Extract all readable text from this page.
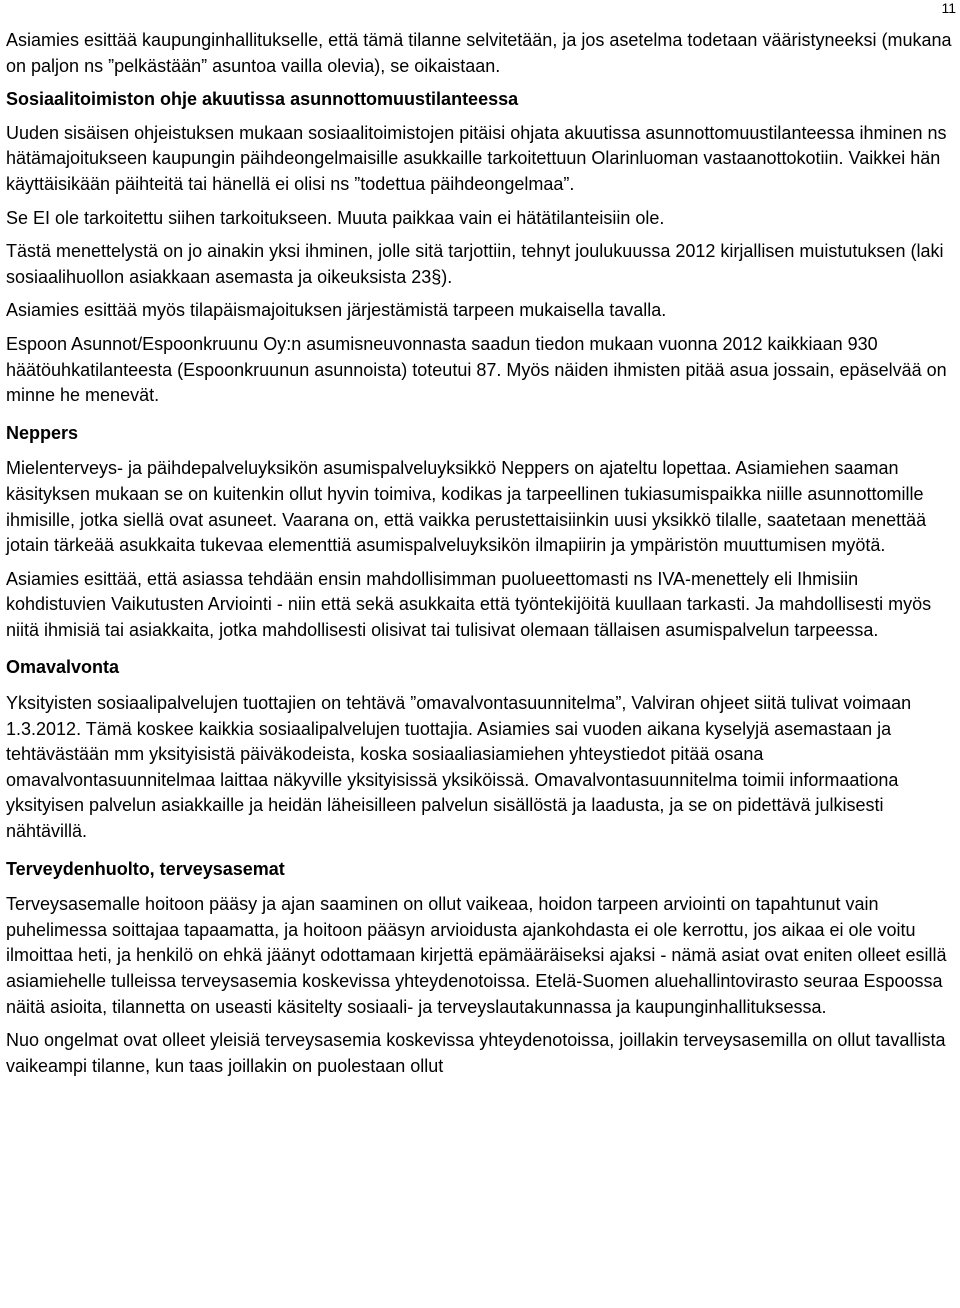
11

Asiamies esittää kaupunginhallitukselle, että tämä tilanne selvitetään, ja jos asetelma todetaan vääristyneeksi (mukana on paljon ns ”pelkästään” asuntoa vailla olevia), se oikaistaan.

Sosiaalitoimiston ohje akuutissa asunnottomuustilanteessa

Uuden sisäisen ohjeistuksen mukaan sosiaalitoimistojen pitäisi ohjata akuutissa asunnottomuustilanteessa ihminen ns hätämajoitukseen kaupungin päihdeongelmaisille asukkaille tarkoitettuun Olarinluoman vastaanottokotiin. Vaikkei hän käyttäisikään päihteitä tai hänellä ei olisi ns ”todettua päihdeongelmaa”.

Se EI ole tarkoitettu siihen tarkoitukseen. Muuta paikkaa vain ei hätätilanteisiin ole.

Tästä menettelystä on jo ainakin yksi ihminen, jolle sitä tarjottiin, tehnyt joulukuussa 2012 kirjallisen muistutuksen (laki sosiaalihuollon asiakkaan asemasta ja oikeuksista 23§).

Asiamies esittää myös tilapäismajoituksen järjestämistä tarpeen mukaisella tavalla.

Espoon Asunnot/Espoonkruunu Oy:n asumisneuvonnasta saadun tiedon mukaan vuonna 2012 kaikkiaan 930 häätöuhkatilanteesta (Espoonkruunun asunnoista) toteutui 87. Myös näiden ihmisten pitää asua jossain, epäselvää on minne he menevät.

Neppers

Mielenterveys- ja päihdepalveluyksikön asumispalveluyksikkö Neppers on ajateltu lopettaa. Asiamiehen saaman käsityksen mukaan se on kuitenkin ollut hyvin toimiva, kodikas ja tarpeellinen tukiasumispaikka niille asunnottomille ihmisille, jotka siellä ovat asuneet. Vaarana on, että vaikka perustettaisiinkin uusi yksikkö tilalle, saatetaan menettää jotain tärkeää asukkaita tukevaa elementtiä asumispalveluyksikön ilmapiirin ja ympäristön muuttumisen myötä.

Asiamies esittää, että asiassa tehdään ensin mahdollisimman puolueettomasti ns IVA-menettely eli Ihmisiin kohdistuvien Vaikutusten Arviointi - niin että sekä asukkaita että työntekijöitä kuullaan tarkasti. Ja mahdollisesti myös niitä ihmisiä tai asiakkaita, jotka mahdollisesti olisivat tai tulisivat olemaan tällaisen asumispalvelun tarpeessa.

Omavalvonta

Yksityisten sosiaalipalvelujen tuottajien on tehtävä ”omavalvontasuunnitelma”, Valviran ohjeet siitä tulivat voimaan 1.3.2012. Tämä koskee kaikkia sosiaalipalvelujen tuottajia. Asiamies sai vuoden aikana kyselyjä asemastaan ja tehtävästään mm yksityisistä päiväkodeista, koska sosiaaliasiamiehen yhteystiedot pitää osana omavalvontasuunnitelmaa laittaa näkyville yksityisissä yksiköissä. Omavalvontasuunnitelma toimii informaationa yksityisen palvelun asiakkaille ja heidän läheisilleen palvelun sisällöstä ja laadusta, ja se on pidettävä julkisesti nähtävillä.

Terveydenhuolto, terveysasemat

Terveysasemalle hoitoon pääsy ja ajan saaminen on ollut vaikeaa, hoidon tarpeen arviointi on tapahtunut vain puhelimessa soittajaa tapaamatta, ja hoitoon pääsyn arvioidusta ajankohdasta ei ole kerrottu, jos aikaa ei ole voitu ilmoittaa heti, ja henkilö on ehkä jäänyt odottamaan kirjettä epämääräiseksi ajaksi - nämä asiat ovat eniten olleet esillä asiamiehelle tulleissa terveysasemia koskevissa yhteydenotoissa. Etelä-Suomen aluehallintovirasto seuraa Espoossa näitä asioita, tilannetta on useasti käsitelty sosiaali- ja terveyslautakunnassa ja kaupunginhallituksessa.

Nuo ongelmat ovat olleet yleisiä terveysasemia koskevissa yhteydenotoissa, joillakin terveysasemilla on ollut tavallista vaikeampi tilanne, kun taas joillakin on puolestaan ollut
